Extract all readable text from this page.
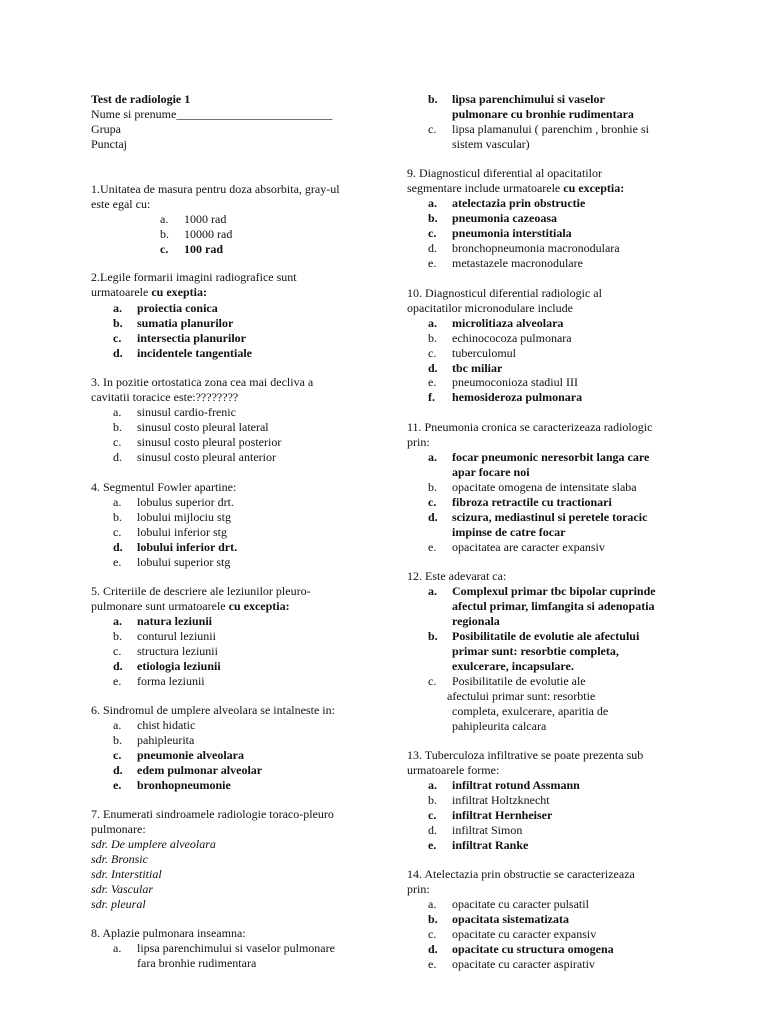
Test de radiologie 1
Nume si prenume__________________________
Grupa
Punctaj
1.Unitatea de masura pentru doza absorbita, gray-ul
este egal cu:
a. 1000 rad
b. 10000 rad
c. 100 rad
2.Legile formarii imagini radiografice sunt
urmatoarele cu exeptia:
a. proiectia conica
b. sumatia planurilor
c. intersectia planurilor
d. incidentele tangentiale
3. In pozitie ortostatica zona cea mai decliva a
cavitatii toracice este:????????
a. sinusul cardio-frenic
b. sinusul costo pleural lateral
c. sinusul costo pleural posterior
d. sinusul costo pleural anterior
4. Segmentul Fowler apartine:
a. lobulus superior drt.
b. lobului mijlociu stg
c. lobului inferior stg
d. lobului inferior drt.
e. lobului superior stg
5. Criteriile de descriere ale leziunilor pleuro-
pulmonare sunt urmatoarele cu exceptia:
a. natura leziunii
b. conturul leziunii
c. structura leziunii
d. etiologia leziunii
e. forma leziunii
6. Sindromul de umplere alveolara se intalneste in:
a. chist hidatic
b. pahipleurita
c. pneumonie alveolara
d. edem pulmonar alveolar
e. bronhopneumonie
7. Enumerati sindroamele radiologie toraco-pleuro
pulmonare:
sdr. De umplere alveolara
sdr. Bronsic
sdr. Interstitial
sdr. Vascular
sdr. pleural
8. Aplazie pulmonara inseamna:
a. lipsa parenchimului si vaselor pulmonare
fara bronhie rudimentara
b. lipsa parenchimului si vaselor
pulmonare cu bronhie rudimentara
c. lipsa plamanului ( parenchim , bronhie si
sistem vascular)
9. Diagnosticul diferential al opacitatilor
segmentare include urmatoarele cu exceptia:
a. atelectazia prin obstructie
b. pneumonia cazeoasa
c. pneumonia interstitiala
d. bronchopneumonia macronodulara
e. metastazele macronodulare
10. Diagnosticul diferential radiologic al
opacitatilor micronodulare include
a. microlitiaza alveolara
b. echinococoza pulmonara
c. tuberculomul
d. tbc miliar
e. pneumoconioza stadiul III
f. hemosideroza pulmonara
11. Pneumonia cronica se caracterizeaza radiologic
prin:
a. focar pneumonic neresorbit langa care
apar focare noi
b. opacitate omogena de intensitate slaba
c. fibroza retractile cu tractionari
d. scizura, mediastinul si peretele toracic
impinse de catre focar
e. opacitatea are caracter expansiv
12. Este adevarat ca:
a. Complexul primar tbc bipolar cuprinde
afectul primar, limfangita si adenopatia
regionala
b. Posibilitatile de evolutie ale afectului
primar sunt: resorbtie completa,
exulcerare, incapsulare.
c. Posibilitatile de evolutie ale
afectului primar sunt: resorbtie
completa, exulcerare, aparitia de
pahipleurita calcara
13. Tuberculoza infiltrative se poate prezenta sub
urmatoarele forme:
a. infiltrat rotund Assmann
b. infiltrat Holtzknecht
c. infiltrat Hernheiser
d. infiltrat Simon
e. infiltrat Ranke
14. Atelectazia prin obstructie se caracterizeaza
prin:
a. opacitate cu caracter pulsatil
b. opacitata sistematizata
c. opacitate cu caracter expansiv
d. opacitate cu structura omogena
e. opacitate cu caracter aspirativ
